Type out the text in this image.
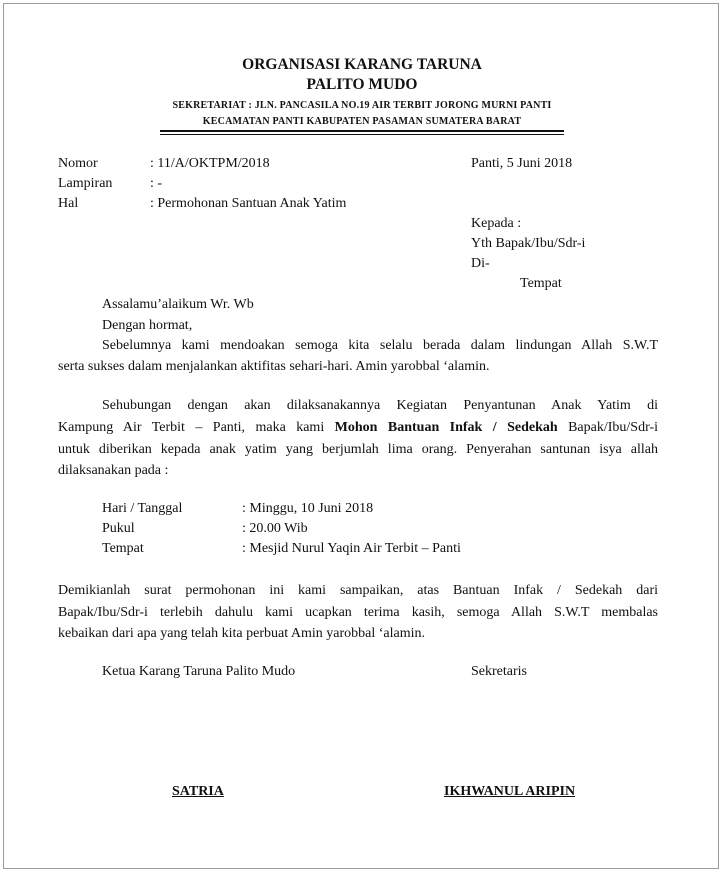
ORGANISASI KARANG TARUNA
PALITO MUDO
SEKRETARIAT : JLN. PANCASILA NO.19 AIR TERBIT JORONG MURNI PANTI
KECAMATAN PANTI KABUPATEN PASAMAN SUMATERA BARAT
Nomor	: 11/A/OKTPM/2018
Lampiran	: -
Hal	: Permohonan Santuan Anak Yatim
Panti, 5 Juni 2018
Kepada :
Yth Bapak/Ibu/Sdr-i
Di-
Tempat
Assalamu’alaikum Wr. Wb
Dengan hormat,
Sebelumnya kami mendoakan semoga kita selalu berada dalam lindungan Allah S.W.T
serta sukses dalam menjalankan aktifitas sehari-hari. Amin yarobbal ‘alamin.
Sehubungan dengan akan dilaksanakannya Kegiatan Penyantunan Anak Yatim di
Kampung Air Terbit – Panti, maka kami Mohon Bantuan Infak / Sedekah Bapak/Ibu/Sdr-i
untuk diberikan kepada anak yatim yang berjumlah lima orang. Penyerahan santunan isya allah
dilaksanakan pada :
Hari / Tanggal	: Minggu, 10 Juni 2018
Pukul	: 20.00 Wib
Tempat	: Mesjid Nurul Yaqin Air Terbit – Panti
Demikianlah surat permohonan ini kami sampaikan, atas Bantuan Infak / Sedekah dari
Bapak/Ibu/Sdr-i terlebih dahulu kami ucapkan terima kasih, semoga Allah S.W.T membalas
kebaikan dari apa yang telah kita perbuat Amin yarobbal ‘alamin.
Ketua Karang Taruna Palito Mudo	Sekretaris
SATRIA	IKHWANUL ARIPIN
